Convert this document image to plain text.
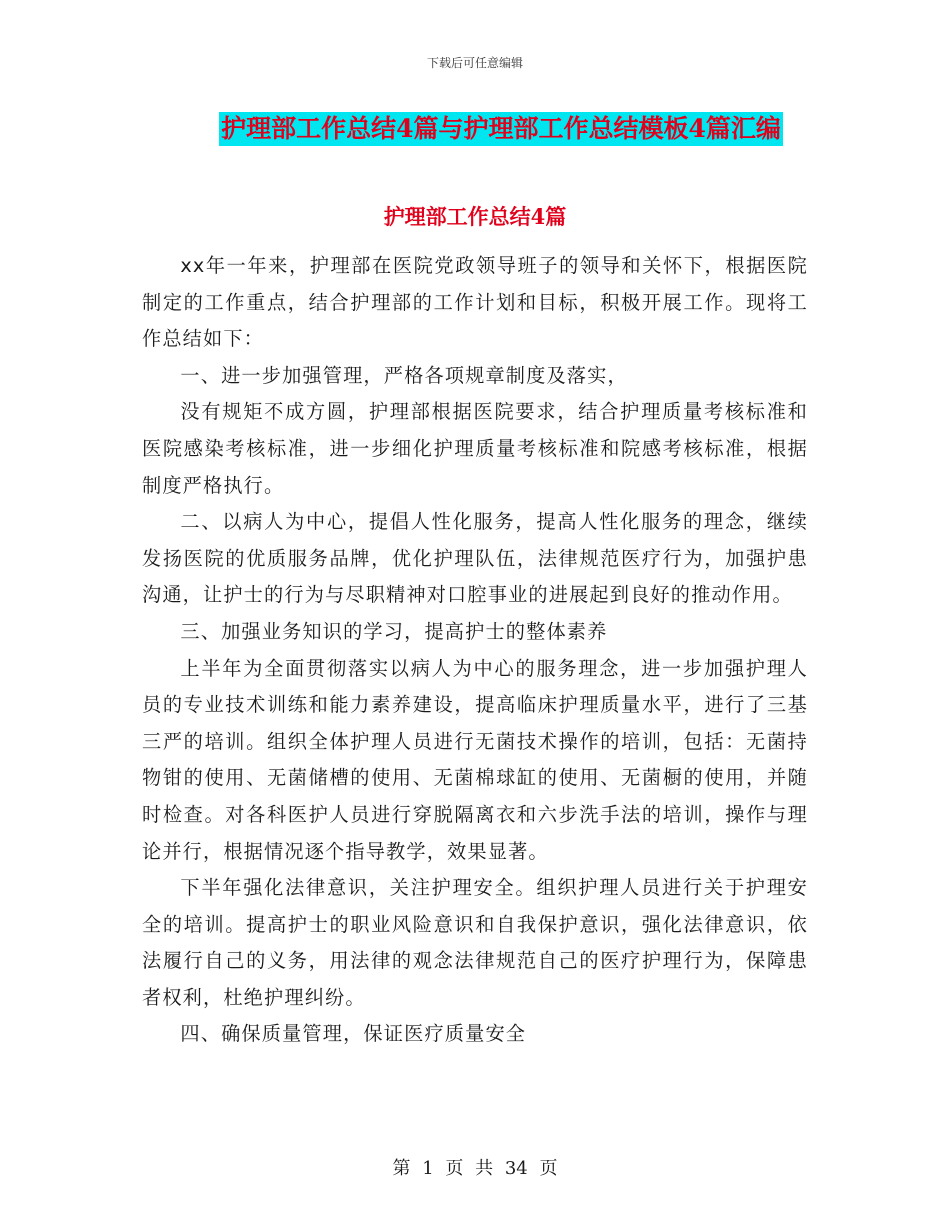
下载后可任意编辑
护理部工作总结4篇与护理部工作总结模板4篇汇编
护理部工作总结4篇

xx年一年来，护理部在医院党政领导班子的领导和关怀下，根据医院制定的工作重点，结合护理部的工作计划和目标，积极开展工作。现将工作总结如下：

一、进一步加强管理，严格各项规章制度及落实，

没有规矩不成方圆，护理部根据医院要求，结合护理质量考核标准和医院感染考核标准，进一步细化护理质量考核标准和院感考核标准，根据制度严格执行。

二、以病人为中心，提倡人性化服务，提高人性化服务的理念，继续发扬医院的优质服务品牌，优化护理队伍，法律规范医疗行为，加强护患沟通，让护士的行为与尽职精神对口腔事业的进展起到良好的推动作用。

三、加强业务知识的学习，提高护士的整体素养

上半年为全面贯彻落实以病人为中心的服务理念，进一步加强护理人员的专业技术训练和能力素养建设，提高临床护理质量水平，进行了三基三严的培训。组织全体护理人员进行无菌技术操作的培训，包括：无菌持物钳的使用、无菌储槽的使用、无菌棉球缸的使用、无菌橱的使用，并随时检查。对各科医护人员进行穿脱隔离衣和六步洗手法的培训，操作与理论并行，根据情况逐个指导教学，效果显著。

下半年强化法律意识，关注护理安全。组织护理人员进行关于护理安全的培训。提高护士的职业风险意识和自我保护意识，强化法律意识，依法履行自己的义务，用法律的观念法律规范自己的医疗护理行为，保障患者权利，杜绝护理纠纷。

四、确保质量管理，保证医疗质量安全

第 1 页 共 34 页
